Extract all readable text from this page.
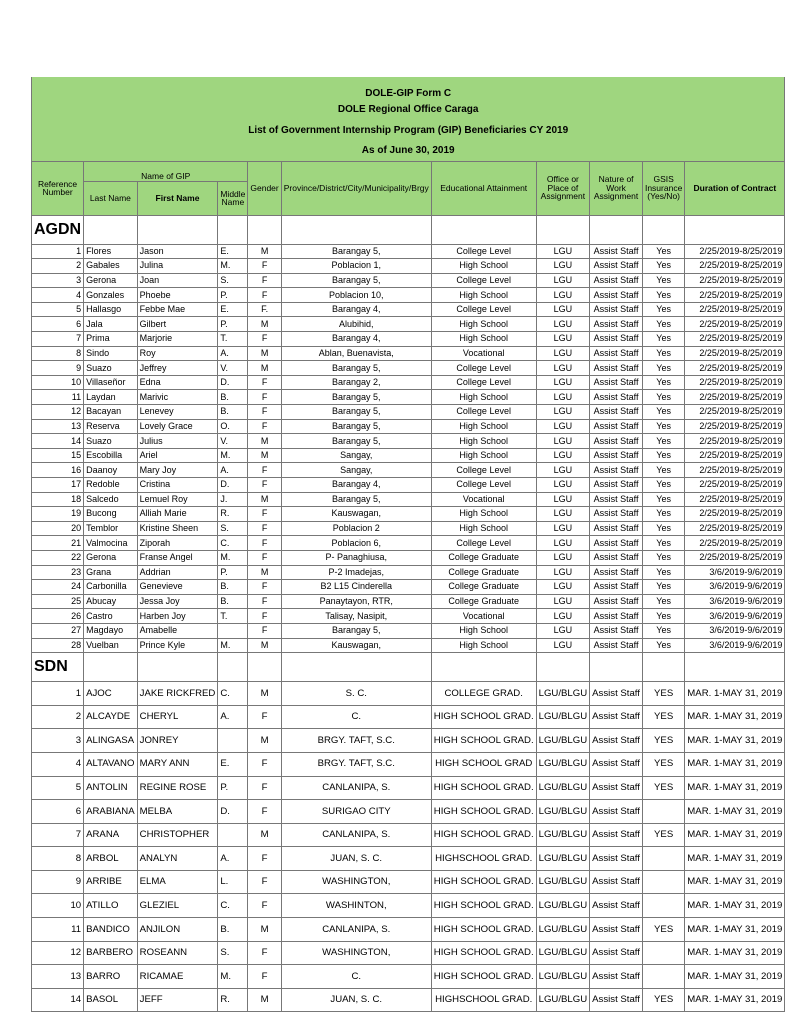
DOLE-GIP Form C										
DOLE Regional Office Caraga										
List of Government Internship Program (GIP) Beneficiaries CY 2019										
As of June 30, 2019										
Reference Number	Name of GIP			Gender	Province/District/City/Municipality/Brgy	Educational Attainment	Office or Place of Assignment	Nature of Work Assignment	GSIS Insurance (Yes/No)	Duration of Contract
	Last Name	First Name	Middle Name							
AGDN										
1	Flores	Jason	E.	M	Barangay 5,	College Level	LGU	Assist Staff	Yes	2/25/2019-8/25/2019
2	Gabales	Julina	M.	F	Poblacion 1,	High School	LGU	Assist Staff	Yes	2/25/2019-8/25/2019
3	Gerona	Joan	S.	F	Barangay 5,	College Level	LGU	Assist Staff	Yes	2/25/2019-8/25/2019
4	Gonzales	Phoebe	P.	F	Poblacion 10,	High School	LGU	Assist Staff	Yes	2/25/2019-8/25/2019
5	Hallasgo	Febbe Mae	E.	F.	Barangay 4,	College Level	LGU	Assist Staff	Yes	2/25/2019-8/25/2019
6	Jala	Gilbert	P.	M	Alubihid,	High School	LGU	Assist Staff	Yes	2/25/2019-8/25/2019
7	Prima	Marjorie	T.	F	Barangay 4,	High School	LGU	Assist Staff	Yes	2/25/2019-8/25/2019
8	Sindo	Roy	A.	M	Ablan, Buenavista,	Vocational	LGU	Assist Staff	Yes	2/25/2019-8/25/2019
9	Suazo	Jeffrey	V.	M	Barangay 5,	College Level	LGU	Assist Staff	Yes	2/25/2019-8/25/2019
10	Villaseñor	Edna	D.	F	Barangay 2,	College Level	LGU	Assist Staff	Yes	2/25/2019-8/25/2019
11	Laydan	Marivic	B.	F	Barangay 5,	High School	LGU	Assist Staff	Yes	2/25/2019-8/25/2019
12	Bacayan	Lenevey	B.	F	Barangay 5,	College Level	LGU	Assist Staff	Yes	2/25/2019-8/25/2019
13	Reserva	Lovely Grace	O.	F	Barangay 5,	High School	LGU	Assist Staff	Yes	2/25/2019-8/25/2019
14	Suazo	Julius	V.	M	Barangay 5,	High School	LGU	Assist Staff	Yes	2/25/2019-8/25/2019
15	Escobilla	Ariel	M.	M	Sangay,	High School	LGU	Assist Staff	Yes	2/25/2019-8/25/2019
16	Daanoy	Mary Joy	A.	F	Sangay,	College Level	LGU	Assist Staff	Yes	2/25/2019-8/25/2019
17	Redoble	Cristina	D.	F	Barangay 4,	College Level	LGU	Assist Staff	Yes	2/25/2019-8/25/2019
18	Salcedo	Lemuel Roy	J.	M	Barangay 5,	Vocational	LGU	Assist Staff	Yes	2/25/2019-8/25/2019
19	Bucong	Alliah Marie	R.	F	Kauswagan,	High School	LGU	Assist Staff	Yes	2/25/2019-8/25/2019
20	Temblor	Kristine Sheen	S.	F	Poblacion 2	High School	LGU	Assist Staff	Yes	2/25/2019-8/25/2019
21	Valmocina	Ziporah	C.	F	Poblacion 6,	College Level	LGU	Assist Staff	Yes	2/25/2019-8/25/2019
22	Gerona	Franse Angel	M.	F	P- Panaghiusa,	College Graduate	LGU	Assist Staff	Yes	2/25/2019-8/25/2019
23	Grana	Addrian	P.	M	P-2 Imadejas,	College Graduate	LGU	Assist Staff	Yes	3/6/2019-9/6/2019
24	Carbonilla	Genevieve	B.	F	B2 L15 Cinderella	College Graduate	LGU	Assist Staff	Yes	3/6/2019-9/6/2019
25	Abucay	Jessa Joy	B.	F	Panaytayon, RTR,	College Graduate	LGU	Assist Staff	Yes	3/6/2019-9/6/2019
26	Castro	Harben Joy	T.	F	Talisay, Nasipit,	Vocational	LGU	Assist Staff	Yes	3/6/2019-9/6/2019
27	Magdayo	Amabelle		F	Barangay 5,	High School	LGU	Assist Staff	Yes	3/6/2019-9/6/2019
28	Vuelban	Prince Kyle	M.	M	Kauswagan,	High School	LGU	Assist Staff	Yes	3/6/2019-9/6/2019
SDN										
1	AJOC	JAKE RICKFRED	C.	M	S. C.	COLLEGE GRAD.	LGU/BLGU	Assist Staff	YES	MAR. 1-MAY 31, 2019
2	ALCAYDE	CHERYL	A.	F	C.	HIGH SCHOOL GRAD.	LGU/BLGU	Assist Staff	YES	MAR. 1-MAY 31, 2019
3	ALINGASA	JONREY		M	BRGY. TAFT, S.C.	HIGH SCHOOL GRAD.	LGU/BLGU	Assist Staff	YES	MAR. 1-MAY 31, 2019
4	ALTAVANO	MARY ANN	E.	F	BRGY. TAFT, S.C.	HIGH SCHOOL GRAD	LGU/BLGU	Assist Staff	YES	MAR. 1-MAY 31, 2019
5	ANTOLIN	REGINE ROSE	P.	F	CANLANIPA, S.	HIGH SCHOOL GRAD.	LGU/BLGU	Assist Staff	YES	MAR. 1-MAY 31, 2019
6	ARABIANA	MELBA	D.	F	SURIGAO CITY	HIGH SCHOOL GRAD.	LGU/BLGU	Assist Staff		MAR. 1-MAY 31, 2019
7	ARANA	CHRISTOPHER		M	CANLANIPA, S.	HIGH SCHOOL GRAD.	LGU/BLGU	Assist Staff	YES	MAR. 1-MAY 31, 2019
8	ARBOL	ANALYN	A.	F	JUAN, S. C.	HIGHSCHOOL GRAD.	LGU/BLGU	Assist Staff		MAR. 1-MAY 31, 2019
9	ARRIBE	ELMA	L.	F	WASHINGTON,	HIGH SCHOOL GRAD.	LGU/BLGU	Assist Staff		MAR. 1-MAY 31, 2019
10	ATILLO	GLEZIEL	C.	F	WASHINTON,	HIGH SCHOOL GRAD.	LGU/BLGU	Assist Staff		MAR. 1-MAY 31, 2019
11	BANDICO	ANJILON	B.	M	CANLANIPA, S.	HIGH SCHOOL GRAD.	LGU/BLGU	Assist Staff	YES	MAR. 1-MAY 31, 2019
12	BARBERO	ROSEANN	S.	F	WASHINGTON,	HIGH SCHOOL GRAD.	LGU/BLGU	Assist Staff		MAR. 1-MAY 31, 2019
13	BARRO	RICAMAE	M.	F	C.	HIGH SCHOOL GRAD.	LGU/BLGU	Assist Staff		MAR. 1-MAY 31, 2019
14	BASOL	JEFF	R.	M	JUAN, S. C.	HIGHSCHOOL GRAD.	LGU/BLGU	Assist Staff	YES	MAR. 1-MAY 31, 2019
